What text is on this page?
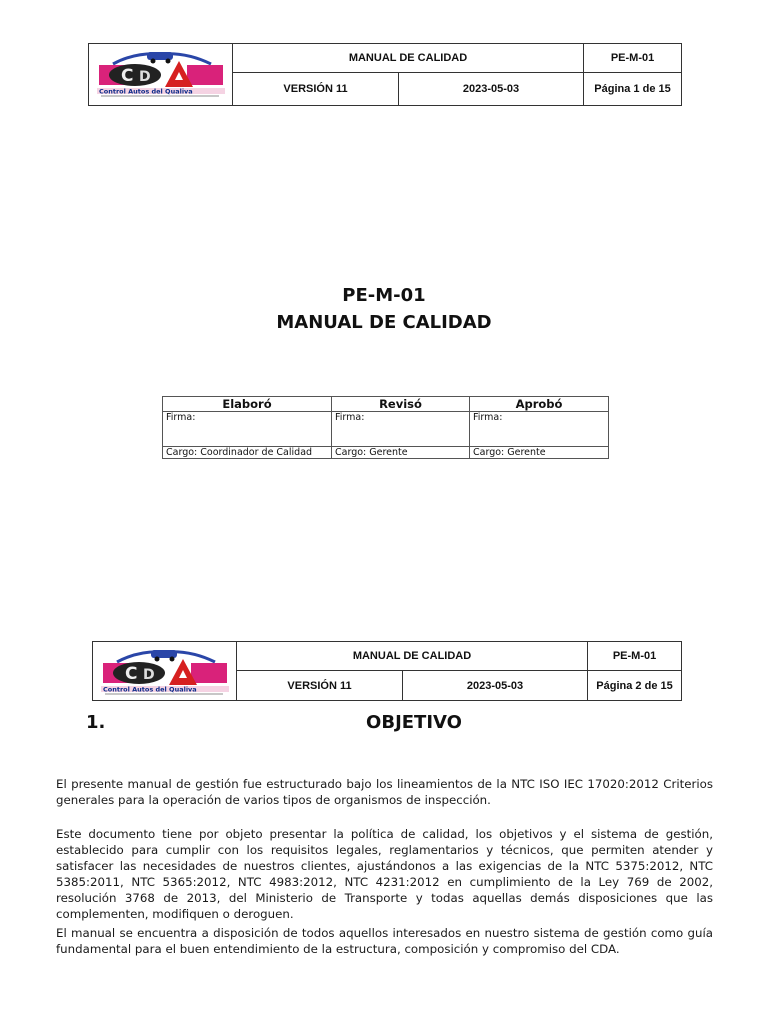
C D
Control Autos del Qualiva	MANUAL DE CALIDAD		PE-M-01
	VERSIÓN 11	2023-05-03	Página 1 de 15
PE-M-01
MANUAL DE CALIDAD
Elaboró	Revisó	Aprobó
Firma:	Firma:	Firma:
Cargo: Coordinador de Calidad	Cargo: Gerente	Cargo: Gerente
C D
Control Autos del Qualiva	MANUAL DE CALIDAD		PE-M-01
	VERSIÓN 11	2023-05-03	Página 2 de 15
1.	OBJETIVO

El presente manual de gestión fue estructurado bajo los lineamientos de la NTC ISO IEC 17020:2012 Criterios generales para la operación de varios tipos de organismos de inspección.

Este documento tiene por objeto presentar la política de calidad, los objetivos y el sistema de gestión, establecido para cumplir con los requisitos legales, reglamentarios y técnicos, que permiten atender y satisfacer las necesidades de nuestros clientes, ajustándonos a las exigencias de la NTC 5375:2012, NTC 5385:2011, NTC 5365:2012, NTC 4983:2012, NTC 4231:2012 en cumplimiento de la Ley 769 de 2002, resolución 3768 de 2013, del Ministerio de Transporte y todas aquellas demás disposiciones que las complementen, modifiquen o deroguen.

El manual se encuentra a disposición de todos aquellos interesados en nuestro sistema de gestión como guía fundamental para el buen entendimiento de la estructura, composición y compromiso del CDA.
